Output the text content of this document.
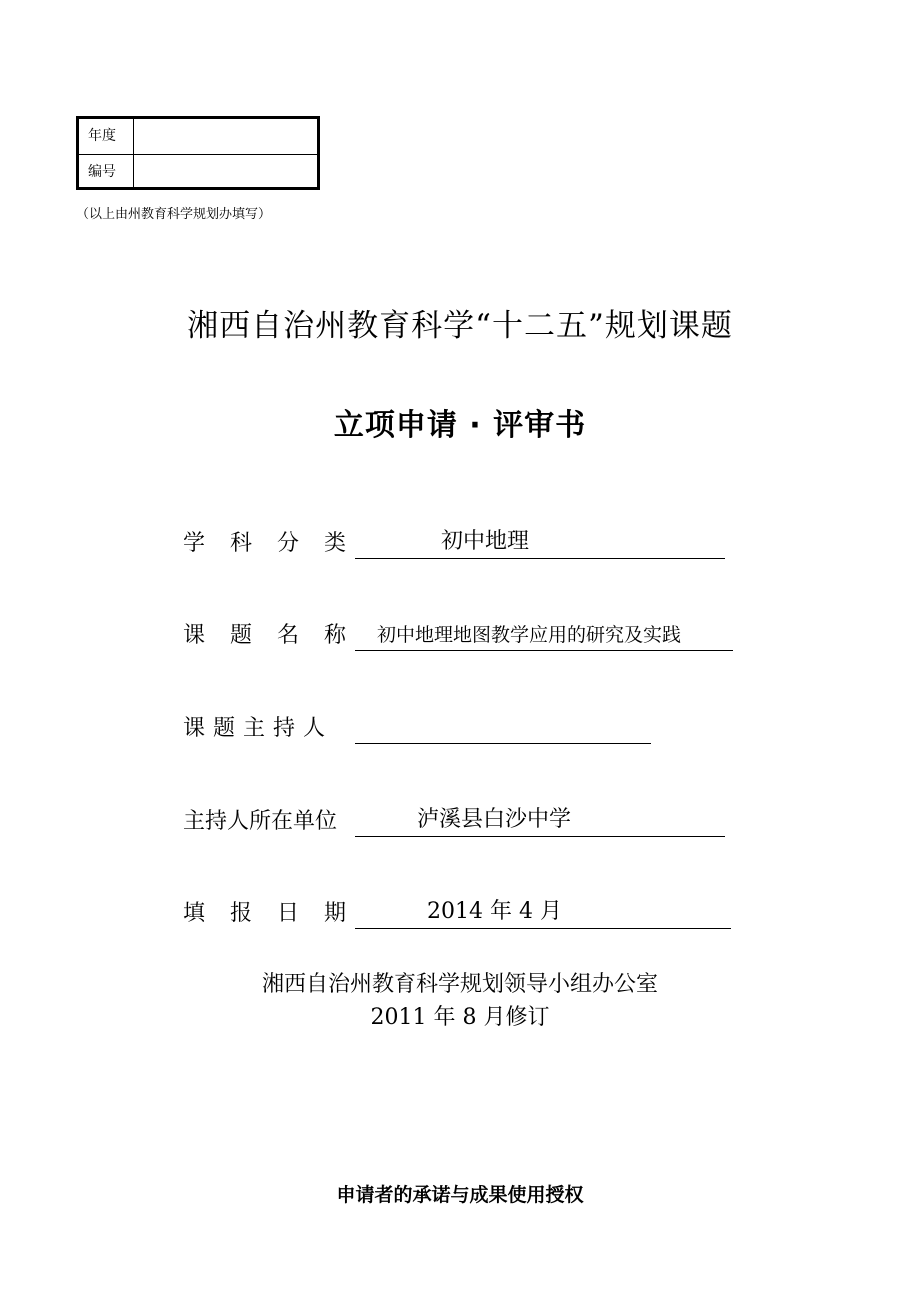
年度
编号
（以上由州教育科学规划办填写）
湘西自治州教育科学“十二五”规划课题
立项申请 · 评审书
学科分类	初中地理
课题名称 初中地理地图教学应用的研究及实践
课题主持人
主持人所在单位	泸溪县白沙中学
填报日期	2014 年 4 月
湘西自治州教育科学规划领导小组办公室
2011 年 8 月修订
申请者的承诺与成果使用授权
